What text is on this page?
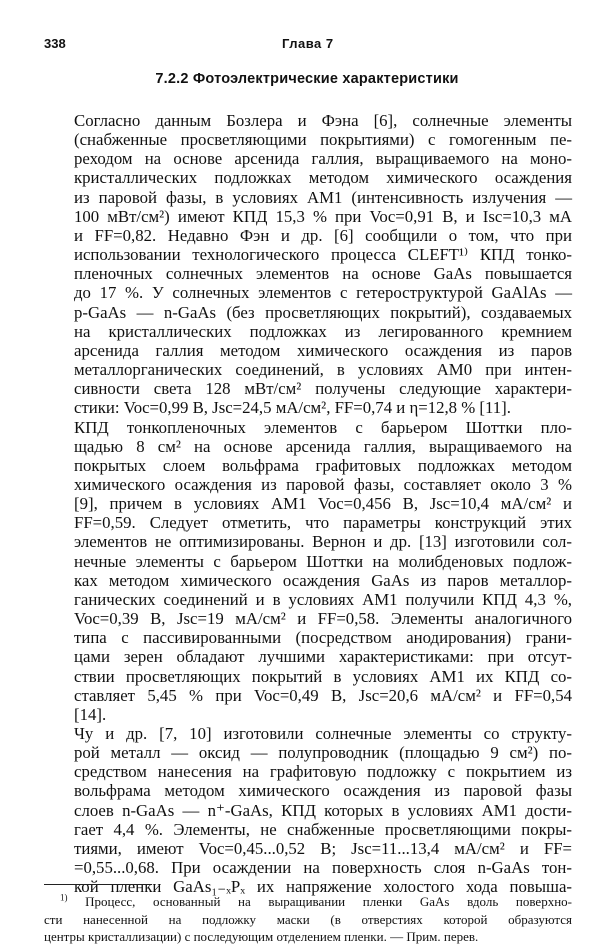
338	Глава 7
7.2.2 Фотоэлектрические характеристики
Согласно данным Бозлера и Фэна [6], солнечные элементы
(снабженные просветляющими покрытиями) с гомогенным пе-
реходом на основе арсенида галлия, выращиваемого на моно-
кристаллических подложках методом химического осаждения
из паровой фазы, в условиях AM1 (интенсивность излучения —
100 мВт/см²) имеют КПД 15,3 % при Voc=0,91 В, и Isc=10,3 мА
и FF=0,82. Недавно Фэн и др. [6] сообщили о том, что при
использовании технологического процесса CLEFT¹⁾ КПД тонко-
пленочных солнечных элементов на основе GaAs повышается
до 17 %. У солнечных элементов с гетероструктурой GaAlAs —
p-GaAs — n-GaAs (без просветляющих покрытий), создаваемых
на кристаллических подложках из легированного кремнием
арсенида галлия методом химического осаждения из паров
металлорганических соединений, в условиях AM0 при интен-
сивности света 128 мВт/см² получены следующие характери-
стики: Voc=0,99 В, Jsc=24,5 мА/см², FF=0,74 и η=12,8 % [11].
КПД тонкопленочных элементов с барьером Шоттки пло-
щадью 8 см² на основе арсенида галлия, выращиваемого на
покрытых слоем вольфрама графитовых подложках методом
химического осаждения из паровой фазы, составляет около 3 %
[9], причем в условиях AM1 Voc=0,456 В, Jsc=10,4 мА/см² и
FF=0,59. Следует отметить, что параметры конструкций этих
элементов не оптимизированы. Вернон и др. [13] изготовили сол-
нечные элементы с барьером Шоттки на молибденовых подлож-
ках методом химического осаждения GaAs из паров металлор-
ганических соединений и в условиях AM1 получили КПД 4,3 %,
Voc=0,39 В, Jsc=19 мА/см² и FF=0,58. Элементы аналогичного
типа с пассивированными (посредством анодирования) грани-
цами зерен обладают лучшими характеристиками: при отсут-
ствии просветляющих покрытий в условиях AM1 их КПД со-
ставляет 5,45 % при Voc=0,49 В, Jsc=20,6 мА/см² и FF=0,54
[14].
Чу и др. [7, 10] изготовили солнечные элементы со структу-
рой металл — оксид — полупроводник (площадью 9 см²) по-
средством нанесения на графитовую подложку с покрытием из
вольфрама методом химического осаждения из паровой фазы
слоев n-GaAs — n⁺-GaAs, КПД которых в условиях AM1 дости-
гает 4,4 %. Элементы, не снабженные просветляющими покры-
тиями, имеют Voc=0,45...0,52 В; Jsc=11...13,4 мА/см² и FF=
=0,55...0,68. При осаждении на поверхность слоя n-GaAs тон-
кой пленки GaAs₁₋ₓPₓ их напряжение холостого хода повыша-
$^{1)}$ Процесс, основанный на выращивании пленки GaAs вдоль поверхно-
сти нанесенной на подложку маски (в отверстиях которой образуются
центры кристаллизации) с последующим отделением пленки. — Прим. перев.
